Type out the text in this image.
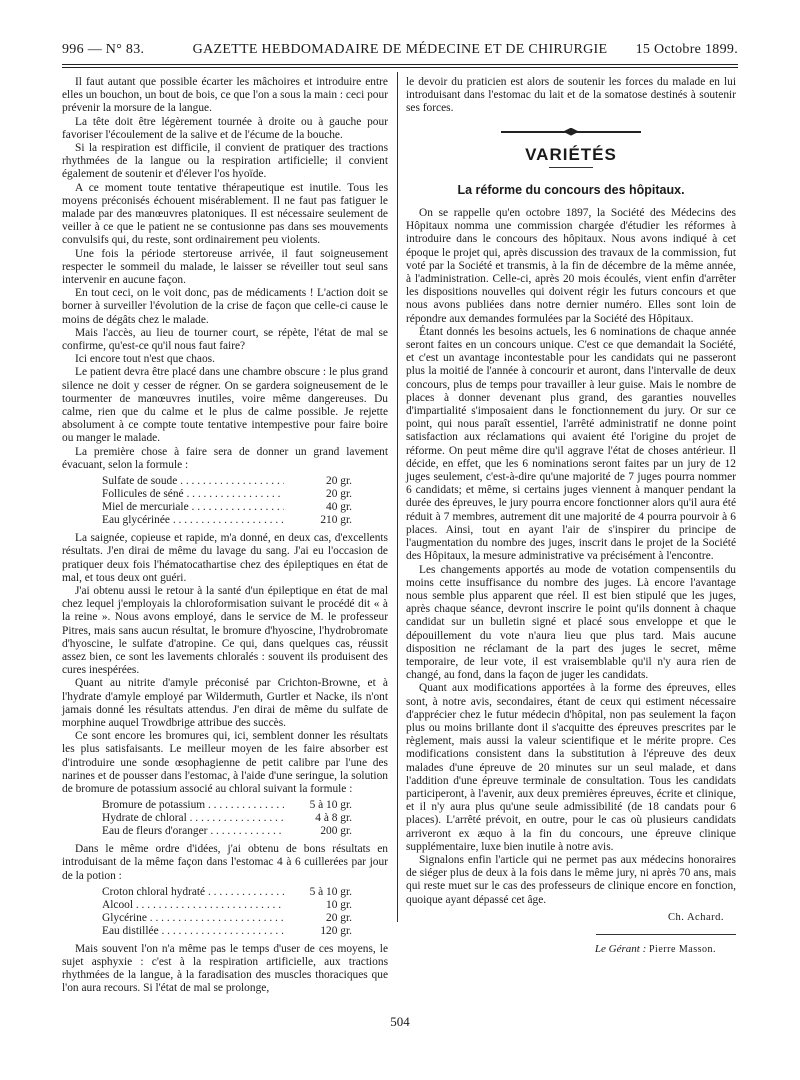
996 — N° 83.	GAZETTE HEBDOMADAIRE DE MÉDECINE ET DE CHIRURGIE	15 Octobre 1899.

Il faut autant que possible écarter les mâchoires et introduire entre elles un bouchon, un bout de bois, ce que l'on a sous la main : ceci pour prévenir la morsure de la langue.

La tête doit être légèrement tournée à droite ou à gauche pour favoriser l'écoulement de la salive et de l'écume de la bouche.

Si la respiration est difficile, il convient de pratiquer des tractions rhythmées de la langue ou la respiration artificielle; il convient également de soutenir et d'élever l'os hyoïde.

A ce moment toute tentative thérapeutique est inutile. Tous les moyens préconisés échouent misérablement. Il ne faut pas fatiguer le malade par des manœuvres platoniques. Il est nécessaire seulement de veiller à ce que le patient ne se contusionne pas dans ses mouvements convulsifs qui, du reste, sont ordinairement peu violents.

Une fois la période stertoreuse arrivée, il faut soigneusement respecter le sommeil du malade, le laisser se réveiller tout seul sans intervenir en aucune façon.

En tout ceci, on le voit donc, pas de médicaments ! L'action doit se borner à surveiller l'évolution de la crise de façon que celle-ci cause le moins de dégâts chez le malade.

Mais l'accès, au lieu de tourner court, se répète, l'état de mal se confirme, qu'est-ce qu'il nous faut faire?

Ici encore tout n'est que chaos.

Le patient devra être placé dans une chambre obscure : le plus grand silence ne doit y cesser de régner. On se gardera soigneusement de le tourmenter de manœuvres inutiles, voire même dangereuses. Du calme, rien que du calme et le plus de calme possible. Je rejette absolument à ce compte toute tentative intempestive pour faire boire ou manger le malade.

La première chose à faire sera de donner un grand lavement évacuant, selon la formule :

Sulfate de soude . . .	20 gr.
Follicules de séné . . .	20 gr.
Miel de mercuriale . . .	40 gr.
Eau glycérinée . . .	210 gr.

La saignée, copieuse et rapide, m'a donné, en deux cas, d'excellents résultats. J'en dirai de même du lavage du sang. J'ai eu l'occasion de pratiquer deux fois l'hématocathartise chez des épileptiques en état de mal, et tous deux ont guéri.

J'ai obtenu aussi le retour à la santé d'un épileptique en état de mal chez lequel j'employais la chloroformisation suivant le procédé dit « à la reine ». Nous avons employé, dans le service de M. le professeur Pitres, mais sans aucun résultat, le bromure d'hyoscine, l'hydrobromate d'hyoscine, le sulfate d'atropine. Ce qui, dans quelques cas, réussit assez bien, ce sont les lavements chloralés : souvent ils produisent des cures inespérées.

Quant au nitrite d'amyle préconisé par Crichton-Browne, et à l'hydrate d'amyle employé par Wildermuth, Gurtler et Nacke, ils n'ont jamais donné les résultats attendus. J'en dirai de même du sulfate de morphine auquel Trowdbrige attribue des succès.

Ce sont encore les bromures qui, ici, semblent donner les résultats les plus satisfaisants. Le meilleur moyen de les faire absorber est d'introduire une sonde œsophagienne de petit calibre par l'une des narines et de pousser dans l'estomac, à l'aide d'une seringue, la solution de bromure de potassium associé au chloral suivant la formule :

Bromure de potassium . . .	5 à 10 gr.
Hydrate de chloral . . .	4 à 8 gr.
Eau de fleurs d'oranger . . .	200 gr.

Dans le même ordre d'idées, j'ai obtenu de bons résultats en introduisant de la même façon dans l'estomac 4 à 6 cuillerées par jour de la potion :

Croton chloral hydraté . . .	5 à 10 gr.
Alcool . . .	10 gr.
Glycérine . . .	20 gr.
Eau distillée . . .	120 gr.

Mais souvent l'on n'a même pas le temps d'user de ces moyens, le sujet asphyxie : c'est à la respiration artificielle, aux tractions rhythmées de la langue, à la faradisation des muscles thoraciques que l'on aura recours. Si l'état de mal se prolonge,

le devoir du praticien est alors de soutenir les forces du malade en lui introduisant dans l'estomac du lait et de la somatose destinés à soutenir ses forces.

VARIÉTÉS
La réforme du concours des hôpitaux.

On se rappelle qu'en octobre 1897, la Société des Médecins des Hôpitaux nomma une commission chargée d'étudier les réformes à introduire dans le concours des hôpitaux. Nous avons indiqué à cet époque le projet qui, après discussion des travaux de la commission, fut voté par la Société et transmis, à la fin de décembre de la même année, à l'administration. Celle-ci, après 20 mois écoulés, vient enfin d'arrêter les dispositions nouvelles qui doivent régir les futurs concours et que nous avons publiées dans notre dernier numéro. Elles sont loin de répondre aux demandes formulées par la Société des Hôpitaux.

Étant donnés les besoins actuels, les 6 nominations de chaque année seront faites en un concours unique. C'est ce que demandait la Société, et c'est un avantage incontestable pour les candidats qui ne passeront plus la moitié de l'année à concourir et auront, dans l'intervalle de deux concours, plus de temps pour travailler à leur guise. Mais le nombre de places à donner devenant plus grand, des garanties nouvelles d'impartialité s'imposaient dans le fonctionnement du jury. Or sur ce point, qui nous paraît essentiel, l'arrêté administratif ne donne point satisfaction aux réclamations qui avaient été l'origine du projet de réforme. On peut même dire qu'il aggrave l'état de choses antérieur. Il décide, en effet, que les 6 nominations seront faites par un jury de 12 juges seulement, c'est-à-dire qu'une majorité de 7 juges pourra nommer 6 candidats; et même, si certains juges viennent à manquer pendant la durée des épreuves, le jury pourra encore fonctionner alors qu'il aura été réduit à 7 membres, autrement dit une majorité de 4 pourra pourvoir à 6 places. Ainsi, tout en ayant l'air de s'inspirer du principe de l'augmentation du nombre des juges, inscrit dans le projet de la Société des Hôpitaux, la mesure administrative va précisément à l'encontre.

Les changements apportés au mode de votation compensentils du moins cette insuffisance du nombre des juges. Là encore l'avantage nous semble plus apparent que réel. Il est bien stipulé que les juges, après chaque séance, devront inscrire le point qu'ils donnent à chaque candidat sur un bulletin signé et placé sous enveloppe et que le dépouillement du vote n'aura lieu que plus tard. Mais aucune disposition ne réclamant de la part des juges le secret, même temporaire, de leur vote, il est vraisemblable qu'il n'y aura rien de changé, au fond, dans la façon de juger les candidats.

Quant aux modifications apportées à la forme des épreuves, elles sont, à notre avis, secondaires, étant de ceux qui estiment nécessaire d'apprécier chez le futur médecin d'hôpital, non pas seulement la façon plus ou moins brillante dont il s'acquitte des épreuves prescrites par le règlement, mais aussi la valeur scientifique et le mérite propre. Ces modifications consistent dans la substitution à l'épreuve des deux malades d'une épreuve de 20 minutes sur un seul malade, et dans l'addition d'une épreuve terminale de consultation. Tous les candidats participeront, à l'avenir, aux deux premières épreuves, écrite et clinique, et il n'y aura plus qu'une seule admissibilité (de 18 candats pour 6 places). L'arrêté prévoit, en outre, pour le cas où plusieurs candidats arriveront ex æquo à la fin du concours, une épreuve clinique supplémentaire, luxe bien inutile à notre avis.

Signalons enfin l'article qui ne permet pas aux médecins honoraires de siéger plus de deux à la fois dans le même jury, ni après 70 ans, mais qui reste muet sur le cas des professeurs de clinique encore en fonction, quoique ayant dépassé cet âge.

Ch. Achard.
Le Gérant : Pierre Masson.
504
